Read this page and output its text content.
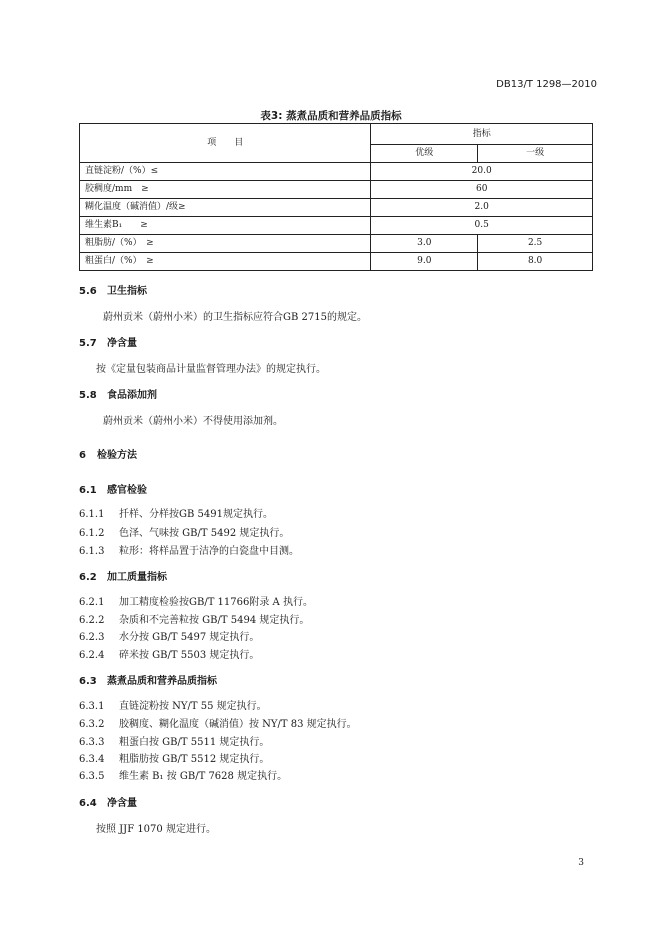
DB13/T 1298—2010
表3: 蒸煮品质和营养品质指标
项　　目	指标	
	优级	一级
直链淀粉/（%）≤	20.0	
胶稠度/mm　≥	60	
糊化温度（碱消值）/级≥	2.0	
维生素B₁　　≥	0.5	
粗脂肪/（%）　≥	3.0	2.5
粗蛋白/（%）　≥	9.0	8.0
5.6 卫生指标
蔚州贡米（蔚州小米）的卫生指标应符合GB 2715的规定。
5.7 净含量
按《定量包装商品计量监督管理办法》的规定执行。
5.8 食品添加剂
蔚州贡米（蔚州小米）不得使用添加剂。
6 检验方法
6.1 感官检验
6.1.1 扦样、分样按GB 5491规定执行。
6.1.2 色泽、气味按 GB/T 5492 规定执行。
6.1.3 粒形：将样品置于洁净的白瓷盘中目测。
6.2 加工质量指标
6.2.1 加工精度检验按GB/T 11766附录 A 执行。
6.2.2 杂质和不完善粒按 GB/T 5494 规定执行。
6.2.3 水分按 GB/T 5497 规定执行。
6.2.4 碎米按 GB/T 5503 规定执行。
6.3 蒸煮品质和营养品质指标
6.3.1 直链淀粉按 NY/T 55 规定执行。
6.3.2 胶稠度、糊化温度（碱消值）按 NY/T 83 规定执行。
6.3.3 粗蛋白按 GB/T 5511 规定执行。
6.3.4 粗脂肪按 GB/T 5512 规定执行。
6.3.5 维生素 B₁ 按 GB/T 7628 规定执行。
6.4 净含量
按照 JJF 1070 规定进行。
3
